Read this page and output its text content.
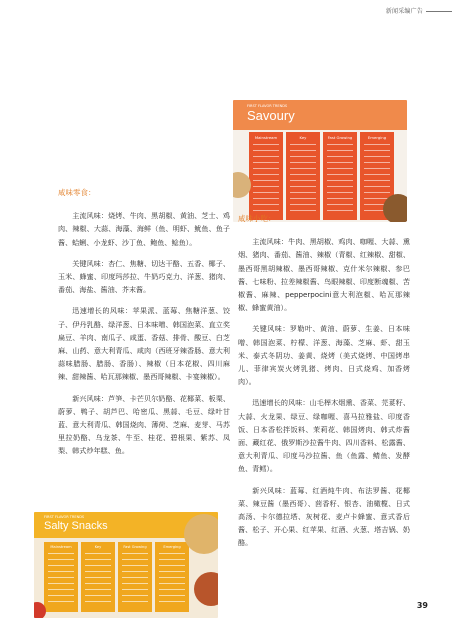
新闻采编广告
FIRST FLAVOR TRENDS
Savoury
Mainstream	Key	Fast Growing	Emerging
咸味零食：

主流风味：烧烤、牛肉、黑胡椒、黄油、芝士、鸡肉、辣椒、大蒜、海藻、海鲜（鱼、明虾、鱿鱼、鱼子酱、蛤蜊、小龙虾、沙丁鱼、鲍鱼、鲶鱼）。

关键风味：杏仁、焦糖、切达干酪、五香、椰子、玉米、蜂蜜、印度玛莎拉、牛奶巧克力、洋葱、猪肉、番茄、海盐、酱油、芥末酱。

迅速增长的风味：苹果派、蓝莓、焦糖洋葱、饺子、伊丹乳酪、绿洋葱、日本味噌、韩国泡菜、直立奖扁豆、羊肉、南瓜子、咸蛋、香菇、排骨、酸豆、白芝麻、山药、意大利青瓜、咸肉（西班牙辣香肠、意大利蒜味腊肠、腊肠、香肠）、辣椒（日本花椒、四川麻辣、甜辣酱、哈瓦那辣椒、墨西哥辣椒、卡宴辣椒）。

新兴风味：芦笋、卡芒贝尔奶酪、花椰菜、板栗、蔚萝、鸭子、胡芦巴、哈密瓜、黑蒜、毛豆、绿叶甘蓝、意大利青瓜、韩国烧肉、薄荷、芝麻、麦芽、马苏里拉奶酪、乌龙茶、牛至、桂花、碧根果、紫苏、凤梨、韩式炒年糕、鱼。

咸味小吃：

主流风味：牛肉、黑胡椒、鸡肉、咖喱、大蒜、熏烟、猪肉、番茄、酱油、辣椒（青椒、红辣椒、甜椒、墨西哥黑胡辣椒、墨西哥辣椒、克什米尔辣椒、参巴酱、七味粉、拉差辣椒酱、鸟眼辣椒、印度断魂椒、苦椒酱、麻辣、pepperpocini意大利泡椒、哈瓦那辣椒、蜂蜜黄油）。

关键风味：罗勒叶、黄油、蔚萝、生姜、日本味噌、韩国泡菜、柠檬、洋葱、海藻、芝麻、虾、甜玉米、泰式冬阴功、姜黄、烧烤（美式烧烤、中国烤串儿、菲律宾炭火烤乳猪、烤肉、日式烧鸡、加香烤肉）。

迅速增长的风味：山毛榉木烟熏、香菜、芫荽籽、大蒜、火龙果、绿豆、绿咖喱、喜马拉雅盐、印度香饭、日本香松拌饭料、茉莉花、韩国烤肉、韩式炸酱面、藏红花、俄罗斯沙拉酱牛肉、四川香料、松露酱、意大利青瓜、印度马沙拉酱、鱼（鱼露、鲭鱼、发酵鱼、青鳕）。

新兴风味：蓝莓、红酒炖牛肉、布法罗酱、花椰菜、辣豆酱（墨西哥）、茴香籽、银杏、油橄榄、日式高汤、卡尔德拉塔、灰树花、麦卢卡蜂蜜、意式香后酱、松子、开心果、红苹果、红酒、火葱、塔吉锅、奶酪。

FIRST FLAVOR TRENDS
Salty Snacks
Mainstream	Key	Fast Growing	Emerging
39
